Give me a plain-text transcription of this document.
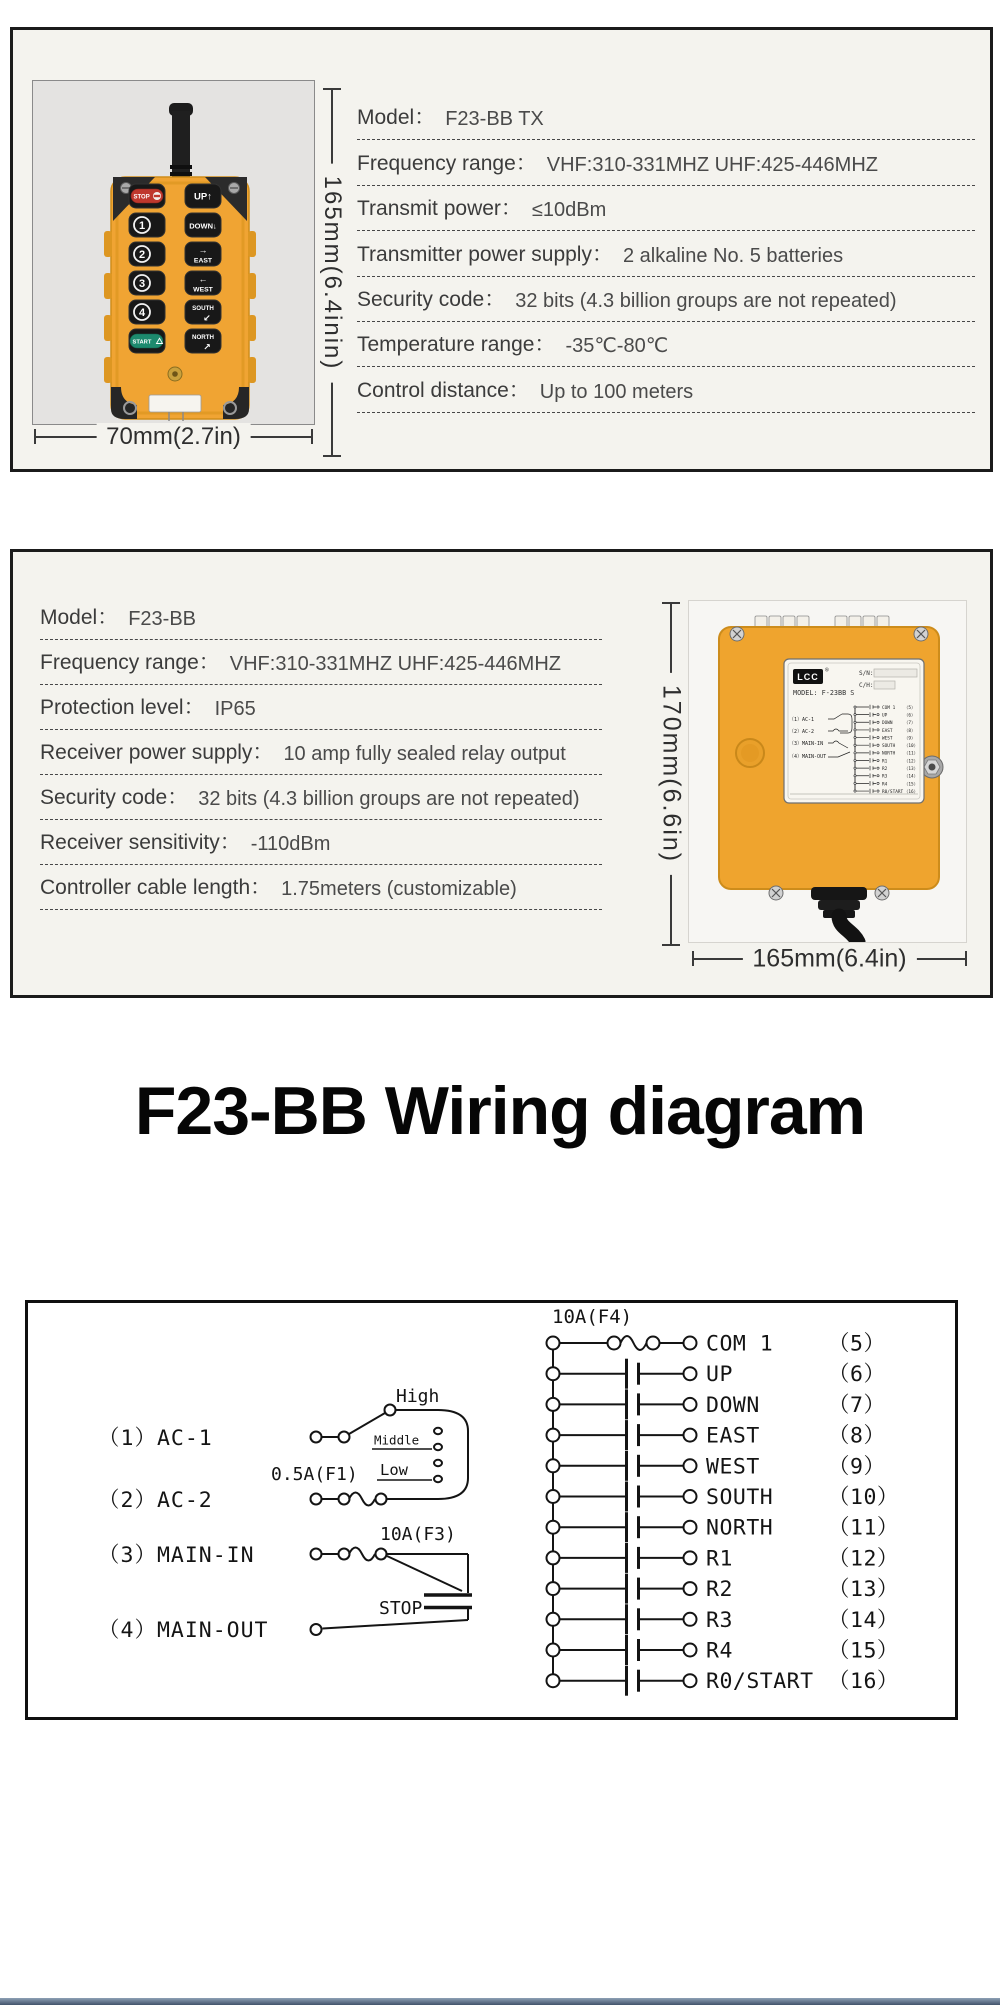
STOP
1
2
3
4
START
UP↑
DOWN↓
→
EAST
←
WEST
SOUTH
↙
NORTH
↗	165mm(6.4inin)
70mm(2.7in)
Model： F23-BB TX
Frequency range： VHF:310-331MHZ UHF:425-446MHZ
Transmit power： ≤10dBm
Transmitter power supply： 2 alkaline No. 5 batteries
Security code： 32 bits (4.3 billion groups are not repeated)
Temperature range： -35℃-80℃
Control distance： Up to 100 meters
Model： F23-BB
Frequency range： VHF:310-331MHZ UHF:425-446MHZ
Protection level： IP65
Receiver power supply： 10 amp fully sealed relay output
Security code： 32 bits (4.3 billion groups are not repeated)
Receiver sensitivity： -110dBm
Controller cable length： 1.75meters (customizable)
170mm(6.6in)
LCC
®
MODEL: F-23BB S
S/N:
C/H:
（1）AC-1
（2）AC-2
（3）MAIN-IN
（4）MAIN-OUT
COM 1 （5）
UP	（6）
DOWN	（7）
EAST	（8）
WEST	（9）
SOUTH （10）
NORTH （11）
R1	（12）
R2	（13）
R3	（14）
R4	（15）
R0/START （16）
165mm(6.4in)
F23-BB Wiring diagram
（1）AC-1
（2）AC-2
（3）MAIN-IN
（4）MAIN-OUT
High
Middle
Low
0.5A(F1)
10A(F3)
STOP
10A(F4)
COM 1	（5）
UP	（6）
DOWN	（7）
EAST	（8）
WEST	（9）
SOUTH	（10）
NORTH	（11）
R1	（12）
R2	（13）
R3	（14）
R4	（15）
R0/START （16）
